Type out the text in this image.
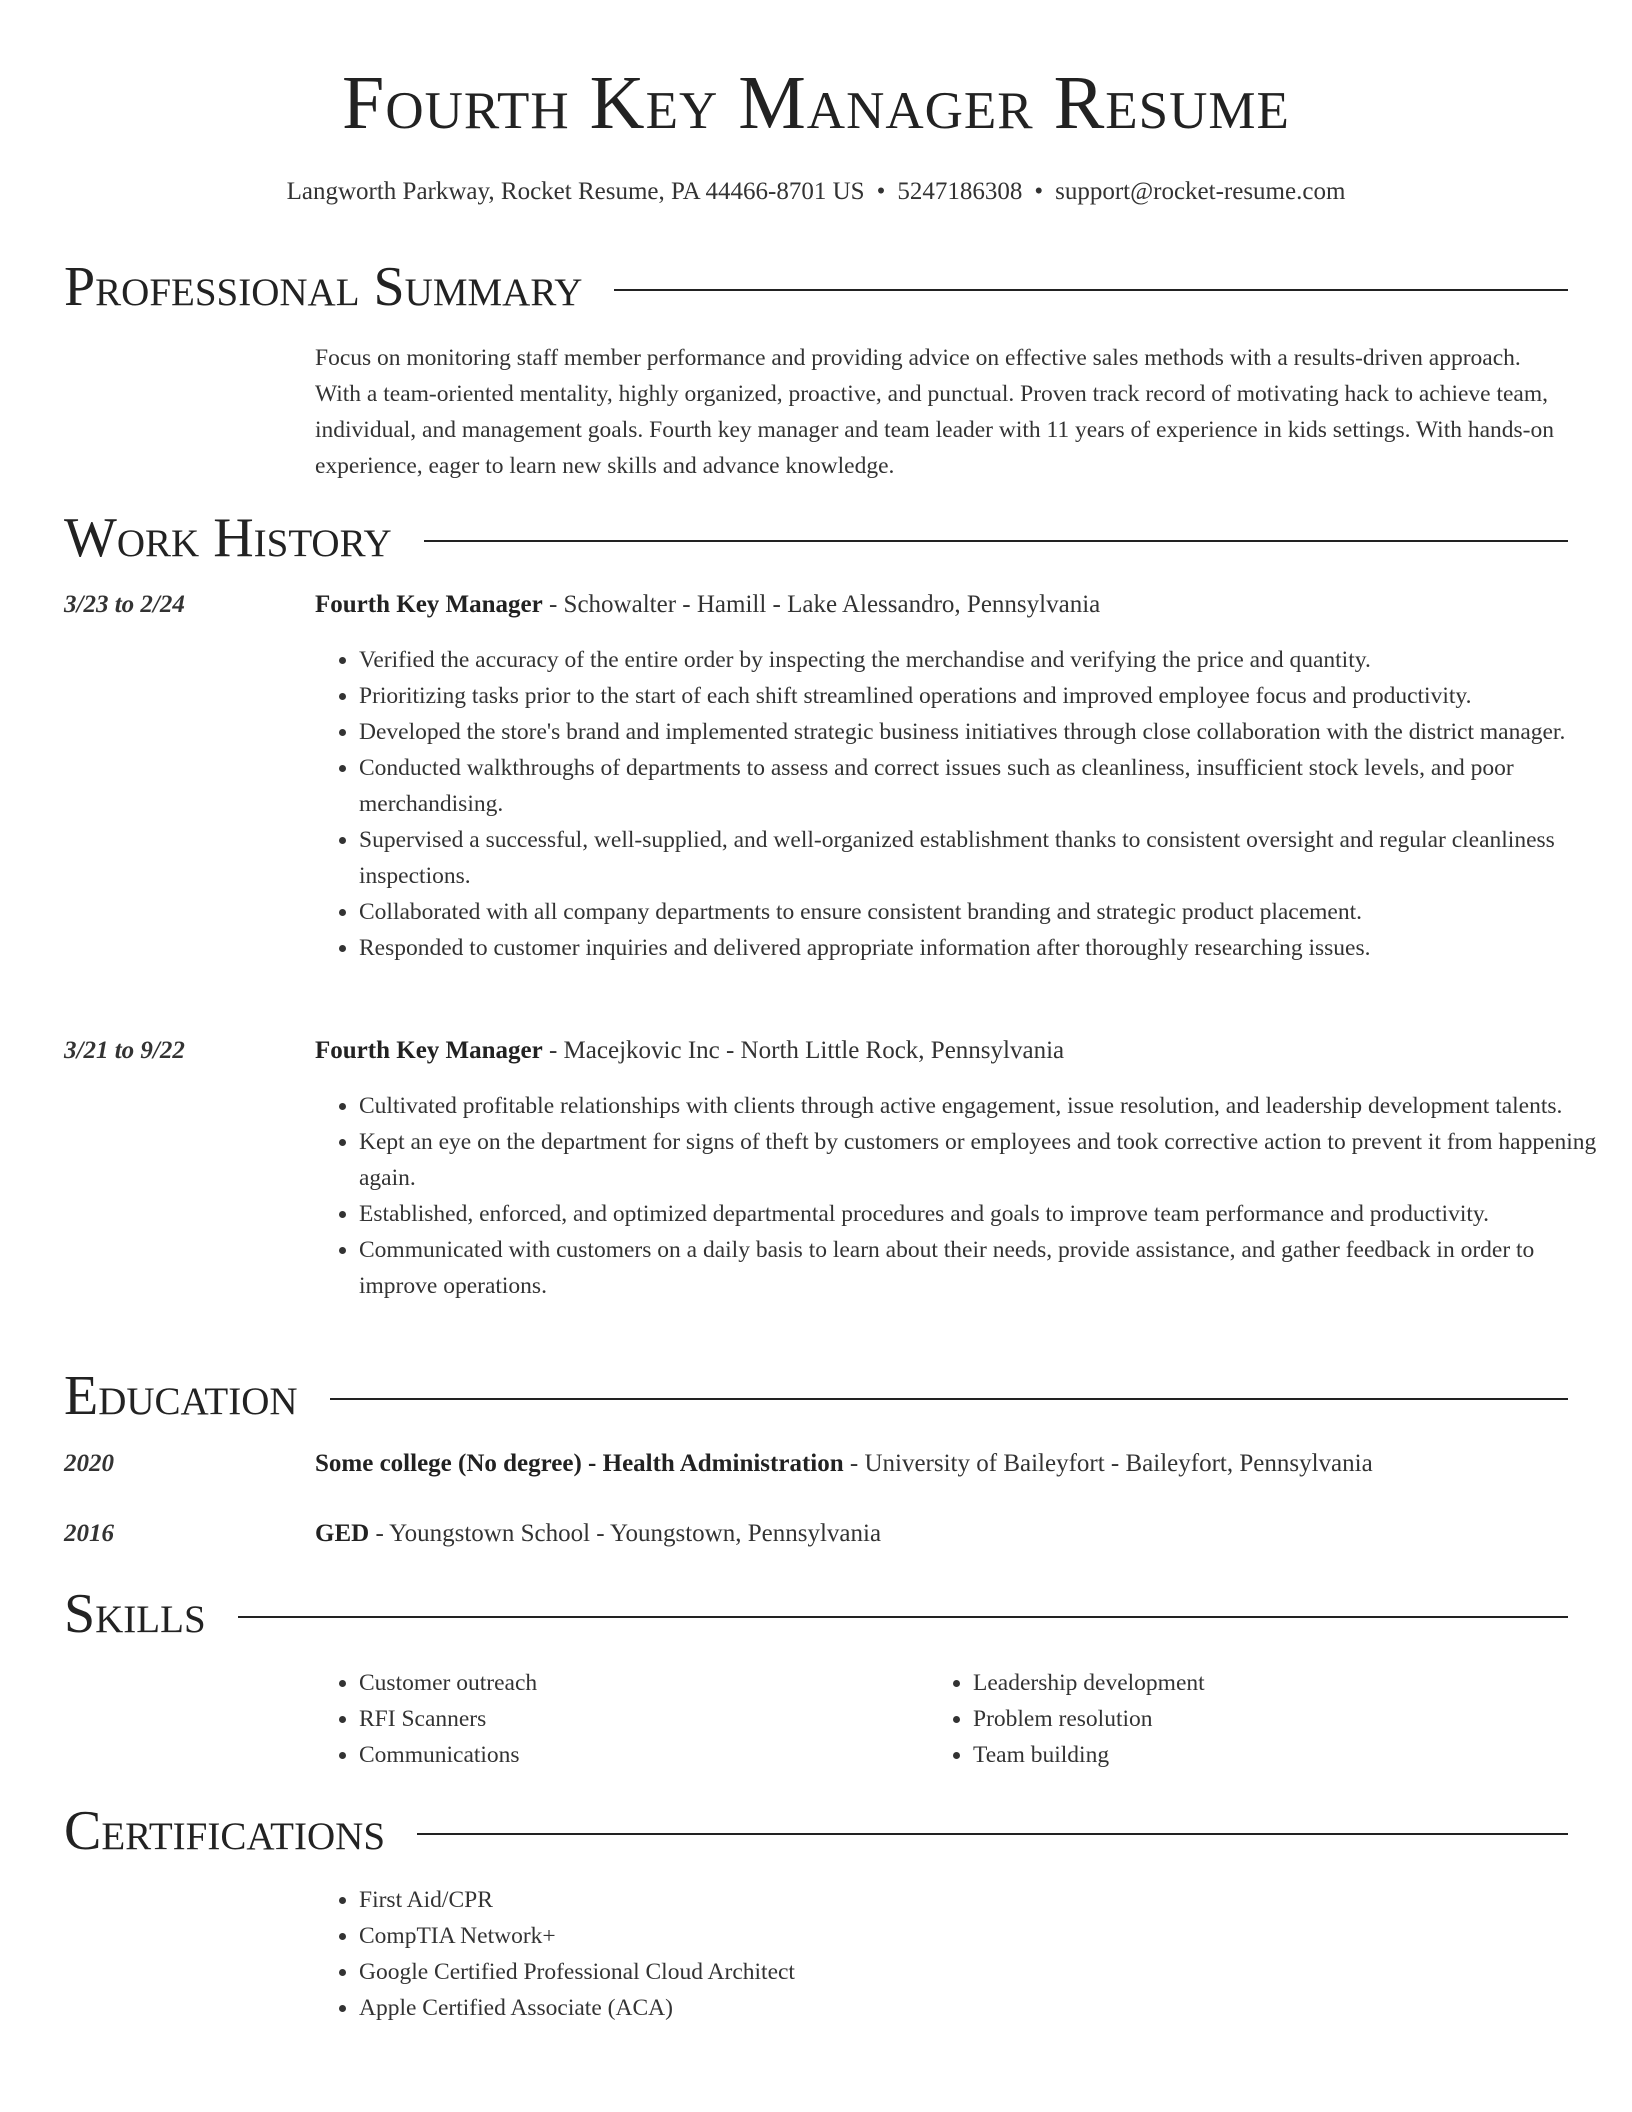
Fourth Key Manager Resume
Langworth Parkway, Rocket Resume, PA 44466-8701 US • 5247186308 • support@rocket-resume.com
Professional Summary

Focus on monitoring staff member performance and providing advice on effective sales methods with a results-driven approach. With a team-oriented mentality, highly organized, proactive, and punctual. Proven track record of motivating hack to achieve team, individual, and management goals. Fourth key manager and team leader with 11 years of experience in kids settings. With hands-on experience, eager to learn new skills and advance knowledge.

Work History
3/23 to 2/24	Fourth Key Manager - Schowalter - Hamill - Lake Alessandro, Pennsylvania
• Verified the accuracy of the entire order by inspecting the merchandise and verifying the price and quantity.
• Prioritizing tasks prior to the start of each shift streamlined operations and improved employee focus and productivity.
• Developed the store's brand and implemented strategic business initiatives through close collaboration with the district manager.
• Conducted walkthroughs of departments to assess and correct issues such as cleanliness, insufficient stock levels, and poor merchandising.
• Supervised a successful, well-supplied, and well-organized establishment thanks to consistent oversight and regular cleanliness inspections.
• Collaborated with all company departments to ensure consistent branding and strategic product placement.
• Responded to customer inquiries and delivered appropriate information after thoroughly researching issues.
3/21 to 9/22	Fourth Key Manager - Macejkovic Inc - North Little Rock, Pennsylvania
• Cultivated profitable relationships with clients through active engagement, issue resolution, and leadership development talents.
• Kept an eye on the department for signs of theft by customers or employees and took corrective action to prevent it from happening again.
• Established, enforced, and optimized departmental procedures and goals to improve team performance and productivity.
• Communicated with customers on a daily basis to learn about their needs, provide assistance, and gather feedback in order to improve operations.
Education
2020	Some college (No degree) - Health Administration - University of Baileyfort - Baileyfort, Pennsylvania
2016	GED - Youngstown School - Youngstown, Pennsylvania
Skills
• Customer outreach
• RFI Scanners
• Communications
• Leadership development
• Problem resolution
• Team building
Certifications
• First Aid/CPR
• CompTIA Network+
• Google Certified Professional Cloud Architect
• Apple Certified Associate (ACA)
